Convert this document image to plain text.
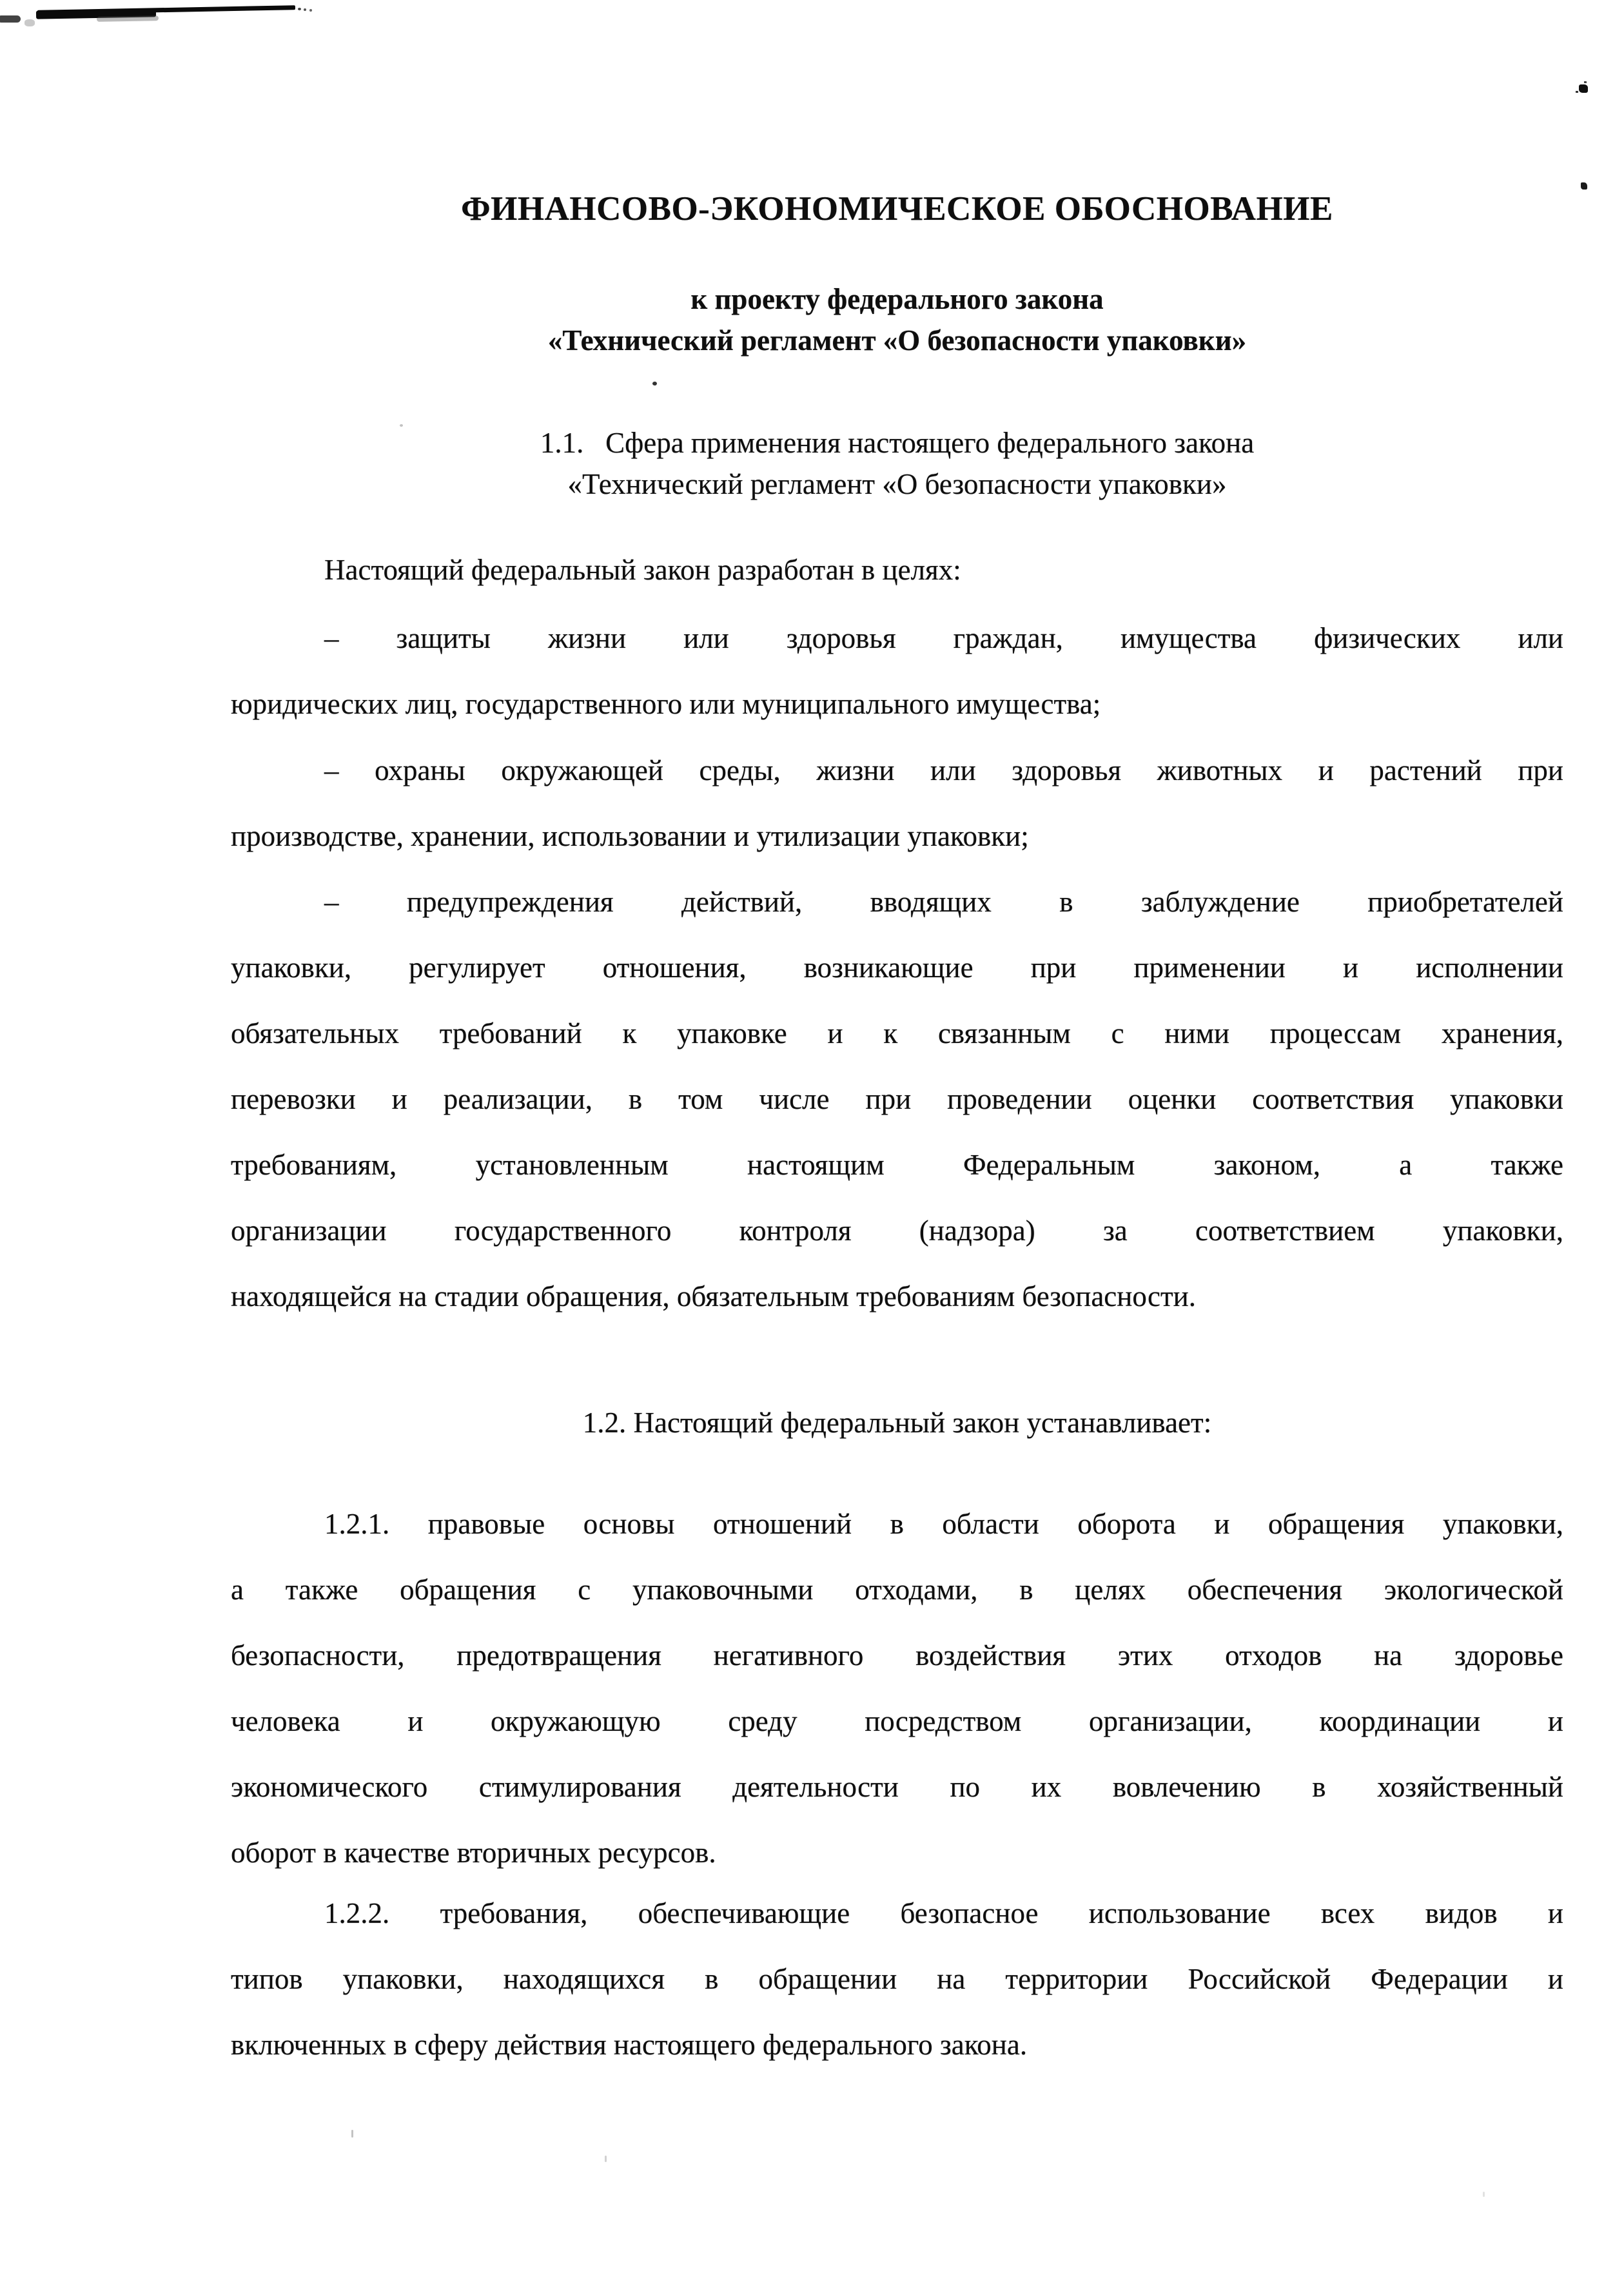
ФИНАНСОВО-ЭКОНОМИЧЕСКОЕ ОБОСНОВАНИЕ
к проекту федерального закона
«Технический регламент «О безопасности упаковки»
1.1.   Сфера применения настоящего федерального закона
«Технический регламент «О безопасности упаковки»
Настоящий федеральный закон разработан в целях:
– защиты жизни или здоровья граждан, имущества физических или
юридических лиц, государственного или муниципального имущества;
– охраны окружающей среды, жизни или здоровья животных и растений при
производстве, хранении, использовании и утилизации упаковки;
– предупреждения действий, вводящих в заблуждение приобретателей
упаковки, регулирует отношения, возникающие при применении и исполнении
обязательных требований к упаковке и к связанным с ними процессам хранения,
перевозки и реализации, в том числе при проведении оценки соответствия упаковки
требованиям, установленным настоящим Федеральным законом, а также
организации государственного контроля (надзора) за соответствием упаковки,
находящейся на стадии обращения, обязательным требованиям безопасности.
1.2. Настоящий федеральный закон устанавливает:
1.2.1. правовые основы отношений в области оборота и обращения упаковки,
а также обращения с упаковочными отходами, в целях обеспечения экологической
безопасности, предотвращения негативного воздействия этих отходов на здоровье
человека и окружающую среду посредством организации, координации и
экономического стимулирования деятельности по их вовлечению в хозяйственный
оборот в качестве вторичных ресурсов.
1.2.2. требования, обеспечивающие безопасное использование всех видов и
типов упаковки, находящихся в обращении на территории Российской Федерации и
включенных в сферу действия настоящего федерального закона.
